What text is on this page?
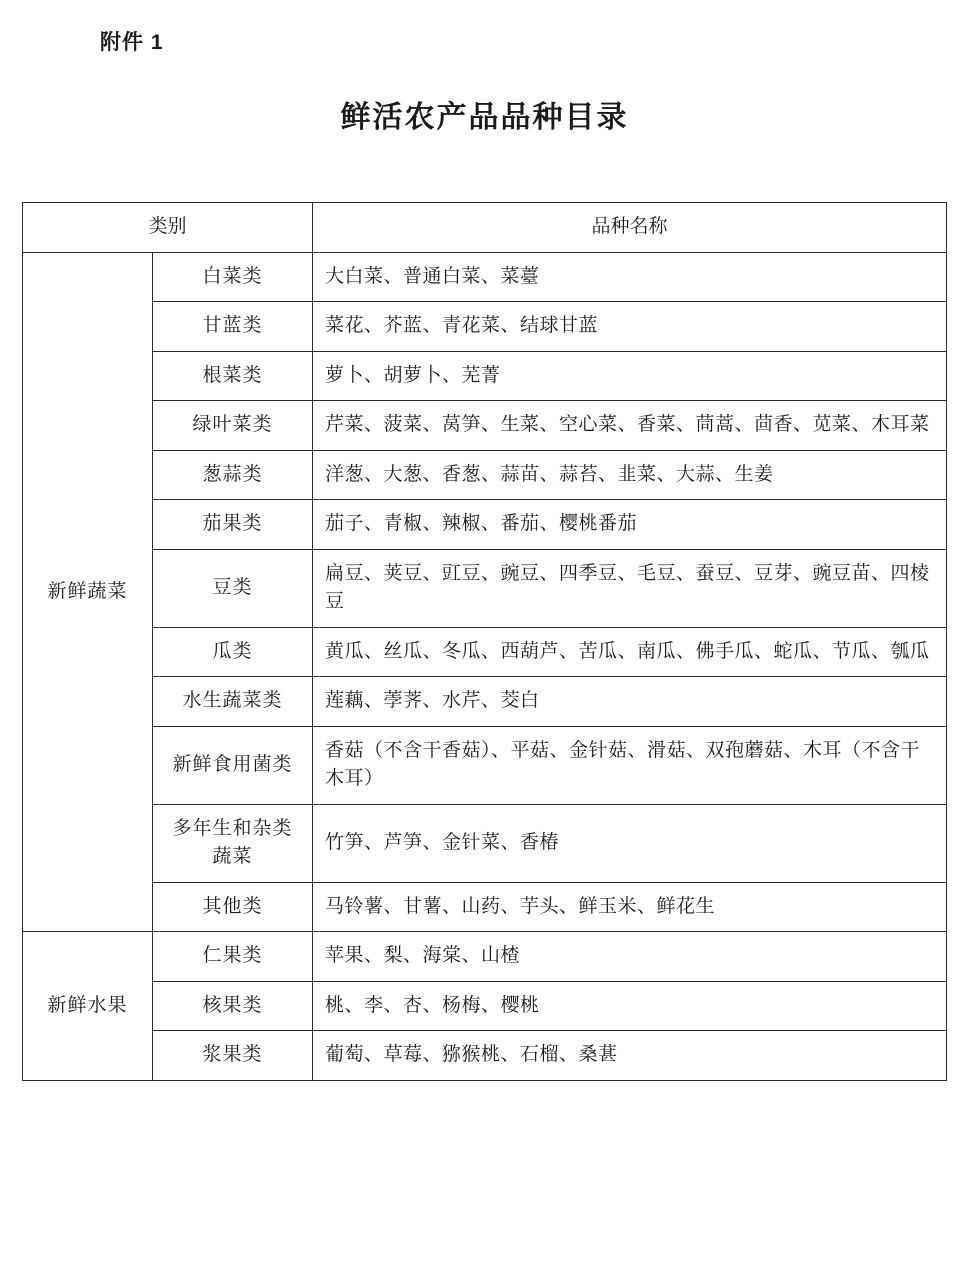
附件 1
鲜活农产品品种目录
类别		品种名称
新鲜蔬菜	白菜类	大白菜、普通白菜、菜薹
	甘蓝类	菜花、芥蓝、青花菜、结球甘蓝
	根菜类	萝卜、胡萝卜、芜菁
	绿叶菜类	芹菜、菠菜、莴笋、生菜、空心菜、香菜、茼蒿、茴香、苋菜、木耳菜
	葱蒜类	洋葱、大葱、香葱、蒜苗、蒜苔、韭菜、大蒜、生姜
	茄果类	茄子、青椒、辣椒、番茄、樱桃番茄
	豆类	扁豆、荚豆、豇豆、豌豆、四季豆、毛豆、蚕豆、豆芽、豌豆苗、四棱豆
	瓜类	黄瓜、丝瓜、冬瓜、西葫芦、苦瓜、南瓜、佛手瓜、蛇瓜、节瓜、瓠瓜
	水生蔬菜类	莲藕、荸荠、水芹、茭白
	新鲜食用菌类	香菇（不含干香菇）、平菇、金针菇、滑菇、双孢蘑菇、木耳（不含干木耳）
	多年生和杂类蔬菜	竹笋、芦笋、金针菜、香椿
	其他类	马铃薯、甘薯、山药、芋头、鲜玉米、鲜花生
新鲜水果	仁果类	苹果、梨、海棠、山楂
	核果类	桃、李、杏、杨梅、樱桃
	浆果类	葡萄、草莓、猕猴桃、石榴、桑葚
